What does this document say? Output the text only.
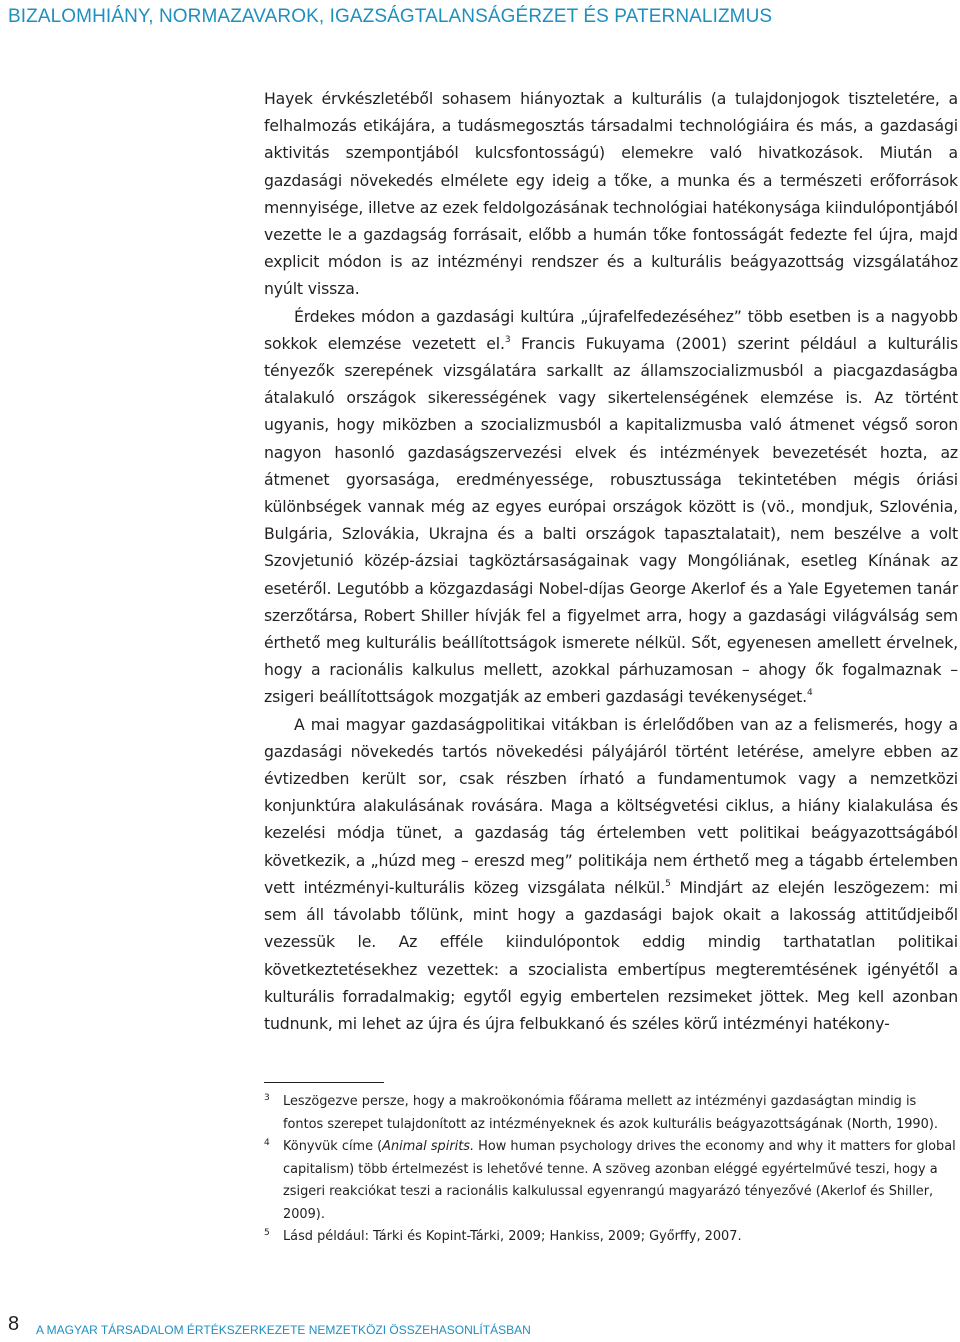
BIZALOMHIÁNY, NORMAZAVAROK, IGAZSÁGTALANSÁGÉRZET ÉS PATERNALIZMUS

Hayek érvkészletéből sohasem hiányoztak a kulturális (a tulajdonjogok tiszteletére, a felhalmozás etikájára, a tudásmegosztás társadalmi technológiáira és más, a gazdasági aktivitás szempontjából kulcsfontosságú) elemekre való hivatkozások. Miután a gazdasági növekedés elmélete egy ideig a tőke, a munka és a természeti erőforrások mennyisége, illetve az ezek feldolgozásának technológiai hatékonysága kiindulópontjából vezette le a gazdagság forrásait, előbb a humán tőke fontosságát fedezte fel újra, majd explicit módon is az intézményi rendszer és a kulturális beágyazottság vizsgálatához nyúlt vissza.

Érdekes módon a gazdasági kultúra „újrafelfedezéséhez” több esetben is a nagyobb sokkok elemzése vezetett el.$^3$ Francis Fukuyama (2001) szerint például a kulturális tényezők szerepének vizsgálatára sarkallt az államszocializmusból a piacgazdaságba átalakuló országok sikerességének vagy sikertelenségének elemzése is. Az történt ugyanis, hogy miközben a szocializmusból a kapitalizmusba való átmenet végső soron nagyon hasonló gazdaságszervezési elvek és intézmények bevezetését hozta, az átmenet gyorsasága, eredményessége, robusztussága tekintetében mégis óriási különbségek vannak még az egyes európai országok között is (vö., mondjuk, Szlovénia, Bulgária, Szlovákia, Ukrajna és a balti országok tapasztalatait), nem beszélve a volt Szovjetunió közép-ázsiai tagköztársaságainak vagy Mongóliának, esetleg Kínának az esetéről. Legutóbb a közgazdasági Nobel-díjas George Akerlof és a Yale Egyetemen tanár szerzőtársa, Robert Shiller hívják fel a figyelmet arra, hogy a gazdasági világválság sem érthető meg kulturális beállítottságok ismerete nélkül. Sőt, egyenesen amellett érvelnek, hogy a racionális kalkulus mellett, azokkal párhuzamosan – ahogy ők fogalmaznak – zsigeri beállítottságok mozgatják az emberi gazdasági tevékenységet.$^4$

A mai magyar gazdaságpolitikai vitákban is érlelődőben van az a felismerés, hogy a gazdasági növekedés tartós növekedési pályájáról történt letérése, amelyre ebben az évtizedben került sor, csak részben írható a fundamentumok vagy a nemzetközi konjunktúra alakulásának rovására. Maga a költségvetési ciklus, a hiány kialakulása és kezelési módja tünet, a gazdaság tág értelemben vett politikai beágyazottságából következik, a „húzd meg – ereszd meg” politikája nem érthető meg a tágabb értelemben vett intézményi-kulturális közeg vizsgálata nélkül.$^5$ Mindjárt az elején leszögezem: mi sem áll távolabb tőlünk, mint hogy a gazdasági bajok okait a lakosság attitűdjeiből vezessük le. Az efféle kiindulópontok eddig mindig tarthatatlan politikai következtetésekhez vezettek: a szocialista embertípus megteremtésének igényétől a kulturális forradalmakig; egytől egyig embertelen rezsimeket jöttek. Meg kell azonban tudnunk, mi lehet az újra és újra felbukkanó és széles körű intézményi hatékony-

3 Leszögezve persze, hogy a makroökonómia főárama mellett az intézményi gazdaságtan mindig is fontos szerepet tulajdonított az intézményeknek és azok kulturális beágyazottságának (North, 1990).

4 Könyvük címe (Animal spirits. How human psychology drives the economy and why it matters for global capitalism) több értelmezést is lehetővé tenne. A szöveg azonban eléggé egyértelművé teszi, hogy a zsigeri reakciókat teszi a racionális kalkulussal egyenrangú magyarázó tényezővé (Akerlof és Shiller, 2009).

5 Lásd például: Tárki és Kopint-Tárki, 2009; Hankiss, 2009; Győrffy, 2007.

8 A MAGYAR TÁRSADALOM ÉRTÉKSZERKEZETE NEMZETKÖZI ÖSSZEHASONLÍTÁSBAN
